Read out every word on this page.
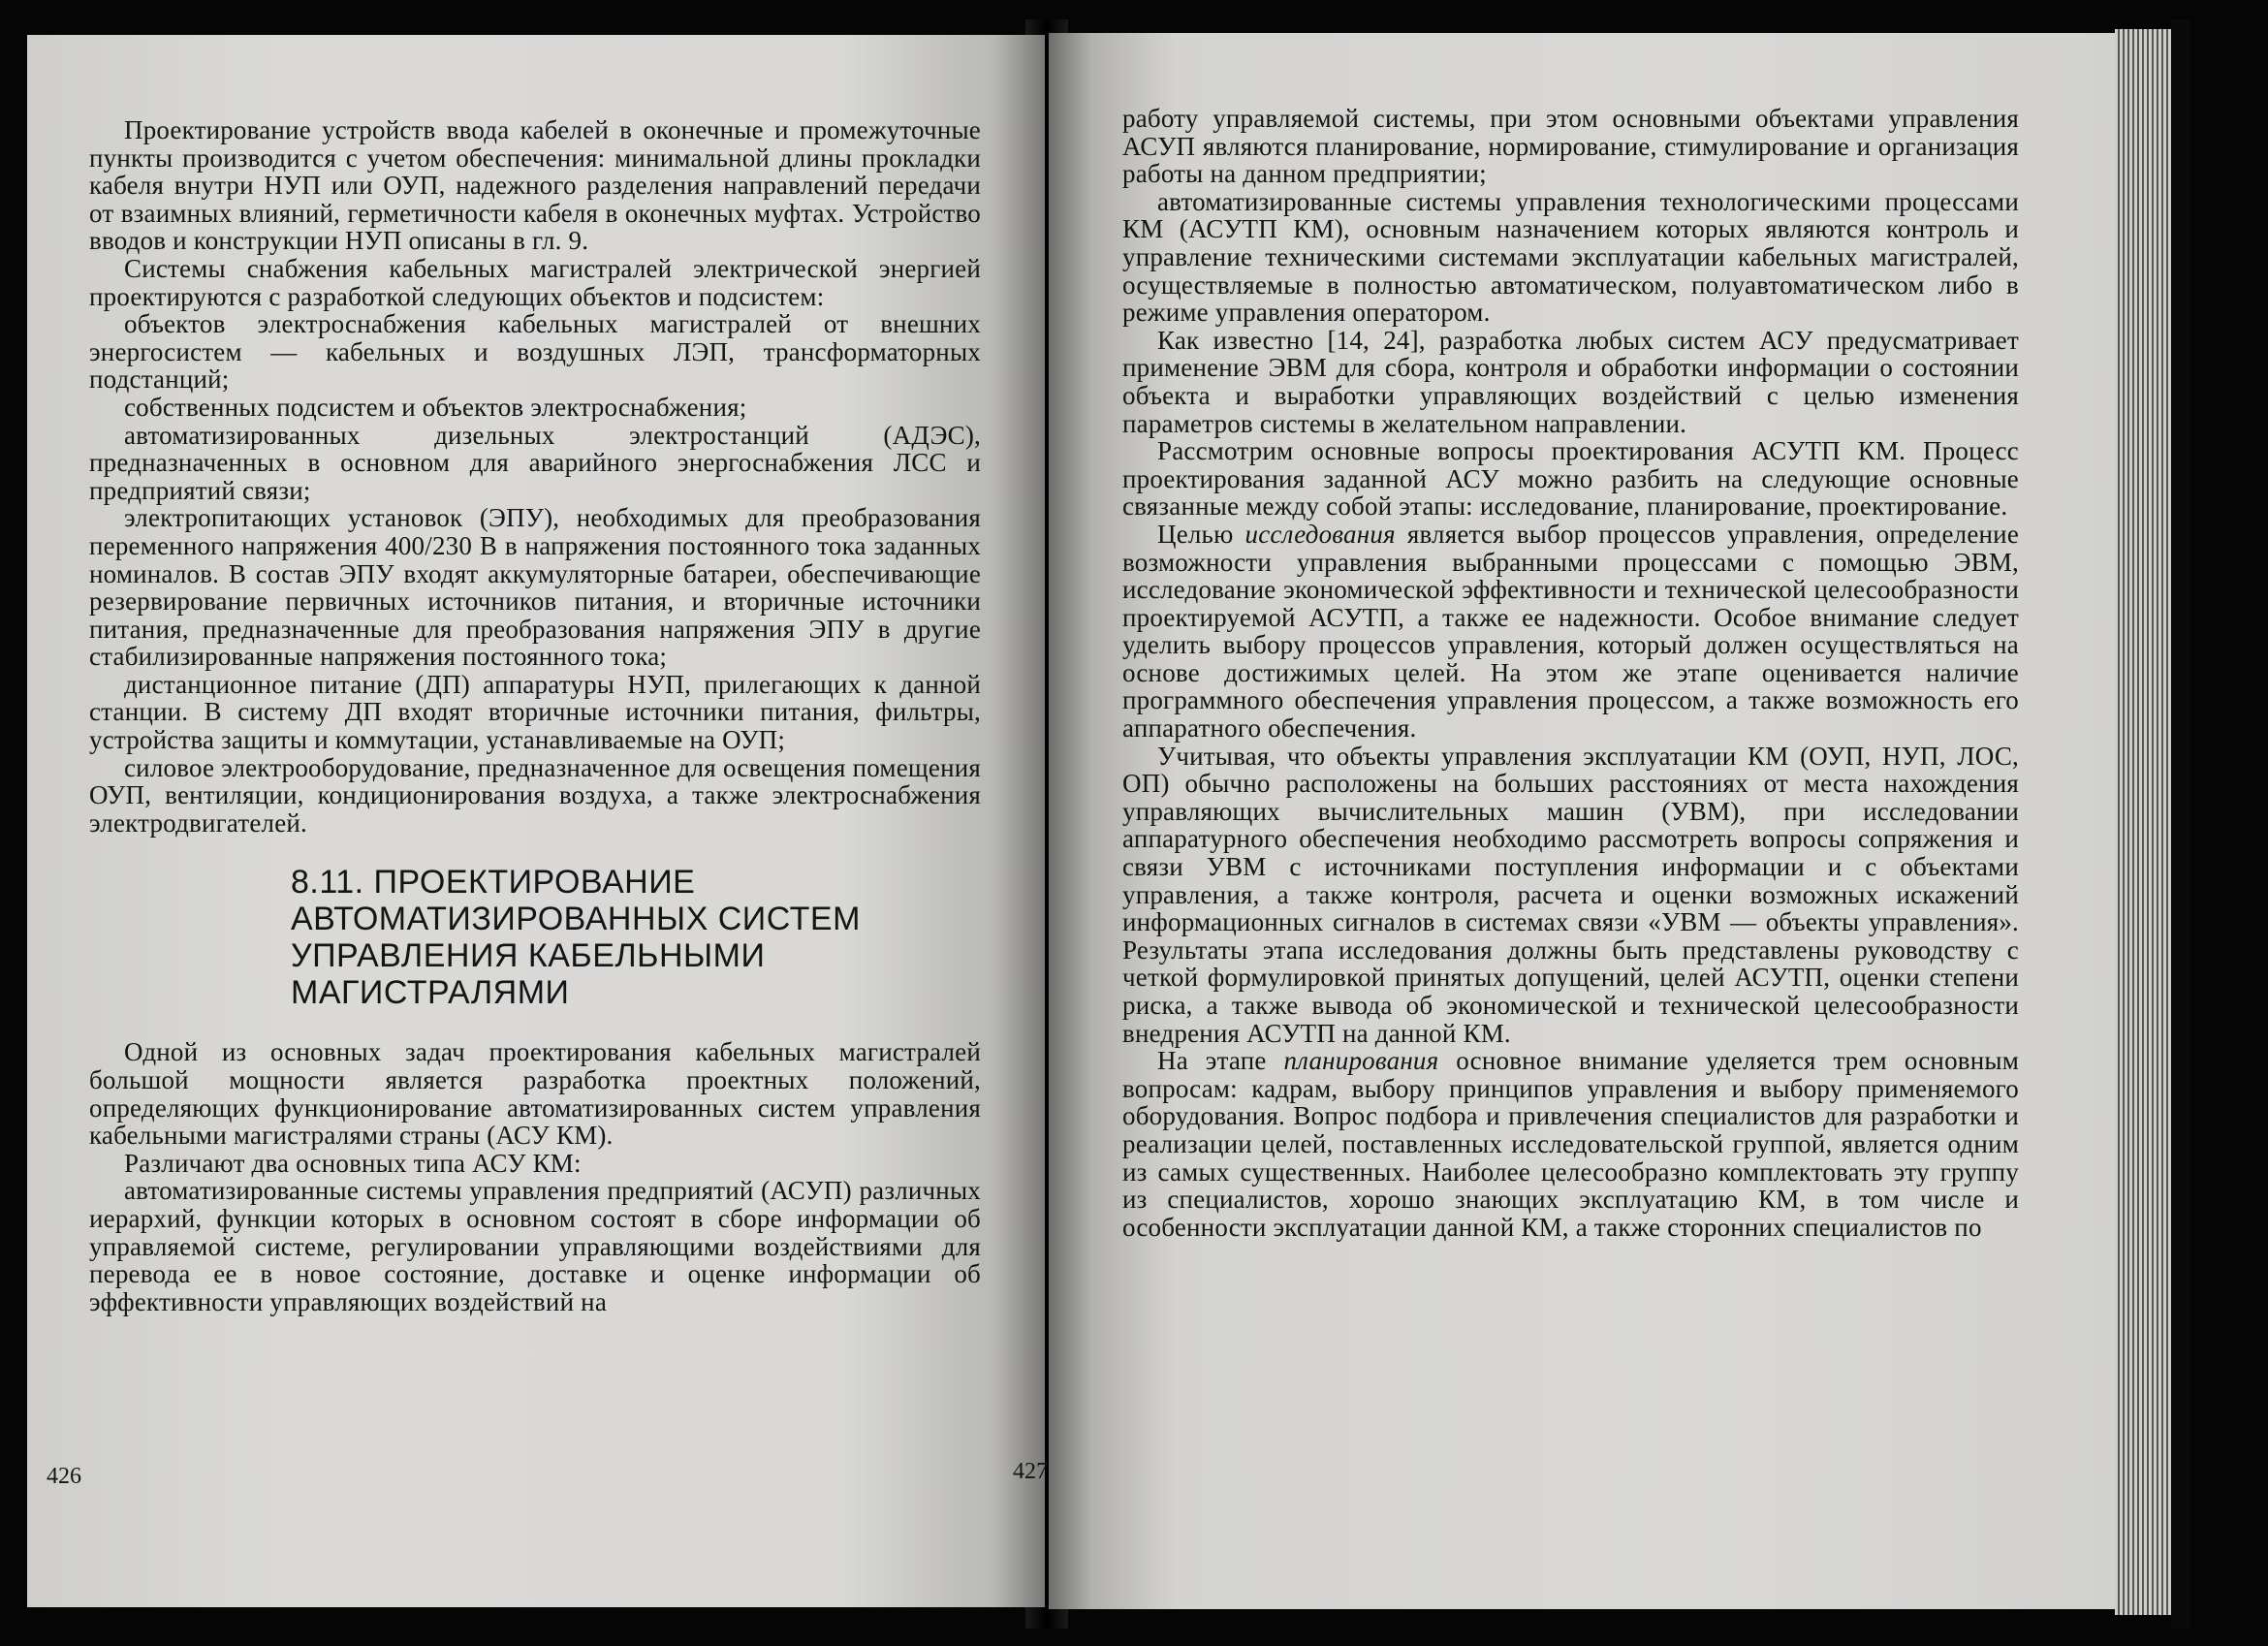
Проектирование устройств ввода кабелей в оконечные и промежуточные пункты производится с учетом обеспечения: минимальной длины прокладки кабеля внутри НУП или ОУП, надежного разделения направлений передачи от взаимных влияний, герметичности кабеля в оконечных муфтах. Устройство вводов и конструкции НУП описаны в гл. 9.

Системы снабжения кабельных магистралей электрической энергией проектируются с разработкой следующих объектов и подсистем:

объектов электроснабжения кабельных магистралей от внешних энергосистем — кабельных и воздушных ЛЭП, трансформаторных подстанций;

собственных подсистем и объектов электроснабжения;

автоматизированных дизельных электростанций (АДЭС), предназначенных в основном для аварийного энергоснабжения ЛСС и предприятий связи;

электропитающих установок (ЭПУ), необходимых для преобразования переменного напряжения 400/230 В в напряжения постоянного тока заданных номиналов. В состав ЭПУ входят аккумуляторные батареи, обеспечивающие резервирование первичных источников питания, и вторичные источники питания, предназначенные для преобразования напряжения ЭПУ в другие стабилизированные напряжения постоянного тока;

дистанционное питание (ДП) аппаратуры НУП, прилегающих к данной станции. В систему ДП входят вторичные источники питания, фильтры, устройства защиты и коммутации, устанавливаемые на ОУП;

силовое электрооборудование, предназначенное для освещения помещения ОУП, вентиляции, кондиционирования воздуха, а также электроснабжения электродвигателей.

8.11. ПРОЕКТИРОВАНИЕ
АВТОМАТИЗИРОВАННЫХ СИСТЕМ
УПРАВЛЕНИЯ КАБЕЛЬНЫМИ
МАГИСТРАЛЯМИ

Одной из основных задач проектирования кабельных магистралей большой мощности является разработка проектных положений, определяющих функционирование автоматизированных систем управления кабельными магистралями страны (АСУ КМ).

Различают два основных типа АСУ КМ:

автоматизированные системы управления предприятий (АСУП) различных иерархий, функции которых в основном состоят в сборе информации об управляемой системе, регулировании управляющими воздействиями для перевода ее в новое состояние, доставке и оценке информации об эффективности управляющих воздействий на

426

работу управляемой системы, при этом основными объектами управления АСУП являются планирование, нормирование, стимулирование и организация работы на данном предприятии;

автоматизированные системы управления технологическими процессами КМ (АСУТП КМ), основным назначением которых являются контроль и управление техническими системами эксплуатации кабельных магистралей, осуществляемые в полностью автоматическом, полуавтоматическом либо в режиме управления оператором.

Как известно [14, 24], разработка любых систем АСУ предусматривает применение ЭВМ для сбора, контроля и обработки информации о состоянии объекта и выработки управляющих воздействий с целью изменения параметров системы в желательном направлении.

Рассмотрим основные вопросы проектирования АСУТП КМ. Процесс проектирования заданной АСУ можно разбить на следующие основные связанные между собой этапы: исследование, планирование, проектирование.

Целью исследования является выбор процессов управления, определение возможности управления выбранными процессами с помощью ЭВМ, исследование экономической эффективности и технической целесообразности проектируемой АСУТП, а также ее надежности. Особое внимание следует уделить выбору процессов управления, который должен осуществляться на основе достижимых целей. На этом же этапе оценивается наличие программного обеспечения управления процессом, а также возможность его аппаратного обеспечения.

Учитывая, что объекты управления эксплуатации КМ (ОУП, НУП, ЛОС, ОП) обычно расположены на больших расстояниях от места нахождения управляющих вычислительных машин (УВМ), при исследовании аппаратурного обеспечения необходимо рассмотреть вопросы сопряжения и связи УВМ с источниками поступления информации и с объектами управления, а также контроля, расчета и оценки возможных искажений информационных сигналов в системах связи «УВМ — объекты управления». Результаты этапа исследования должны быть представлены руководству с четкой формулировкой принятых допущений, целей АСУТП, оценки степени риска, а также вывода об экономической и технической целесообразности внедрения АСУТП на данной КМ.

На этапе планирования основное внимание уделяется трем основным вопросам: кадрам, выбору принципов управления и выбору применяемого оборудования. Вопрос подбора и привлечения специалистов для разработки и реализации целей, поставленных исследовательской группой, является одним из самых существенных. Наиболее целесообразно комплектовать эту группу из специалистов, хорошо знающих эксплуатацию КМ, в том числе и особенности эксплуатации данной КМ, а также сторонних специалистов по

427
